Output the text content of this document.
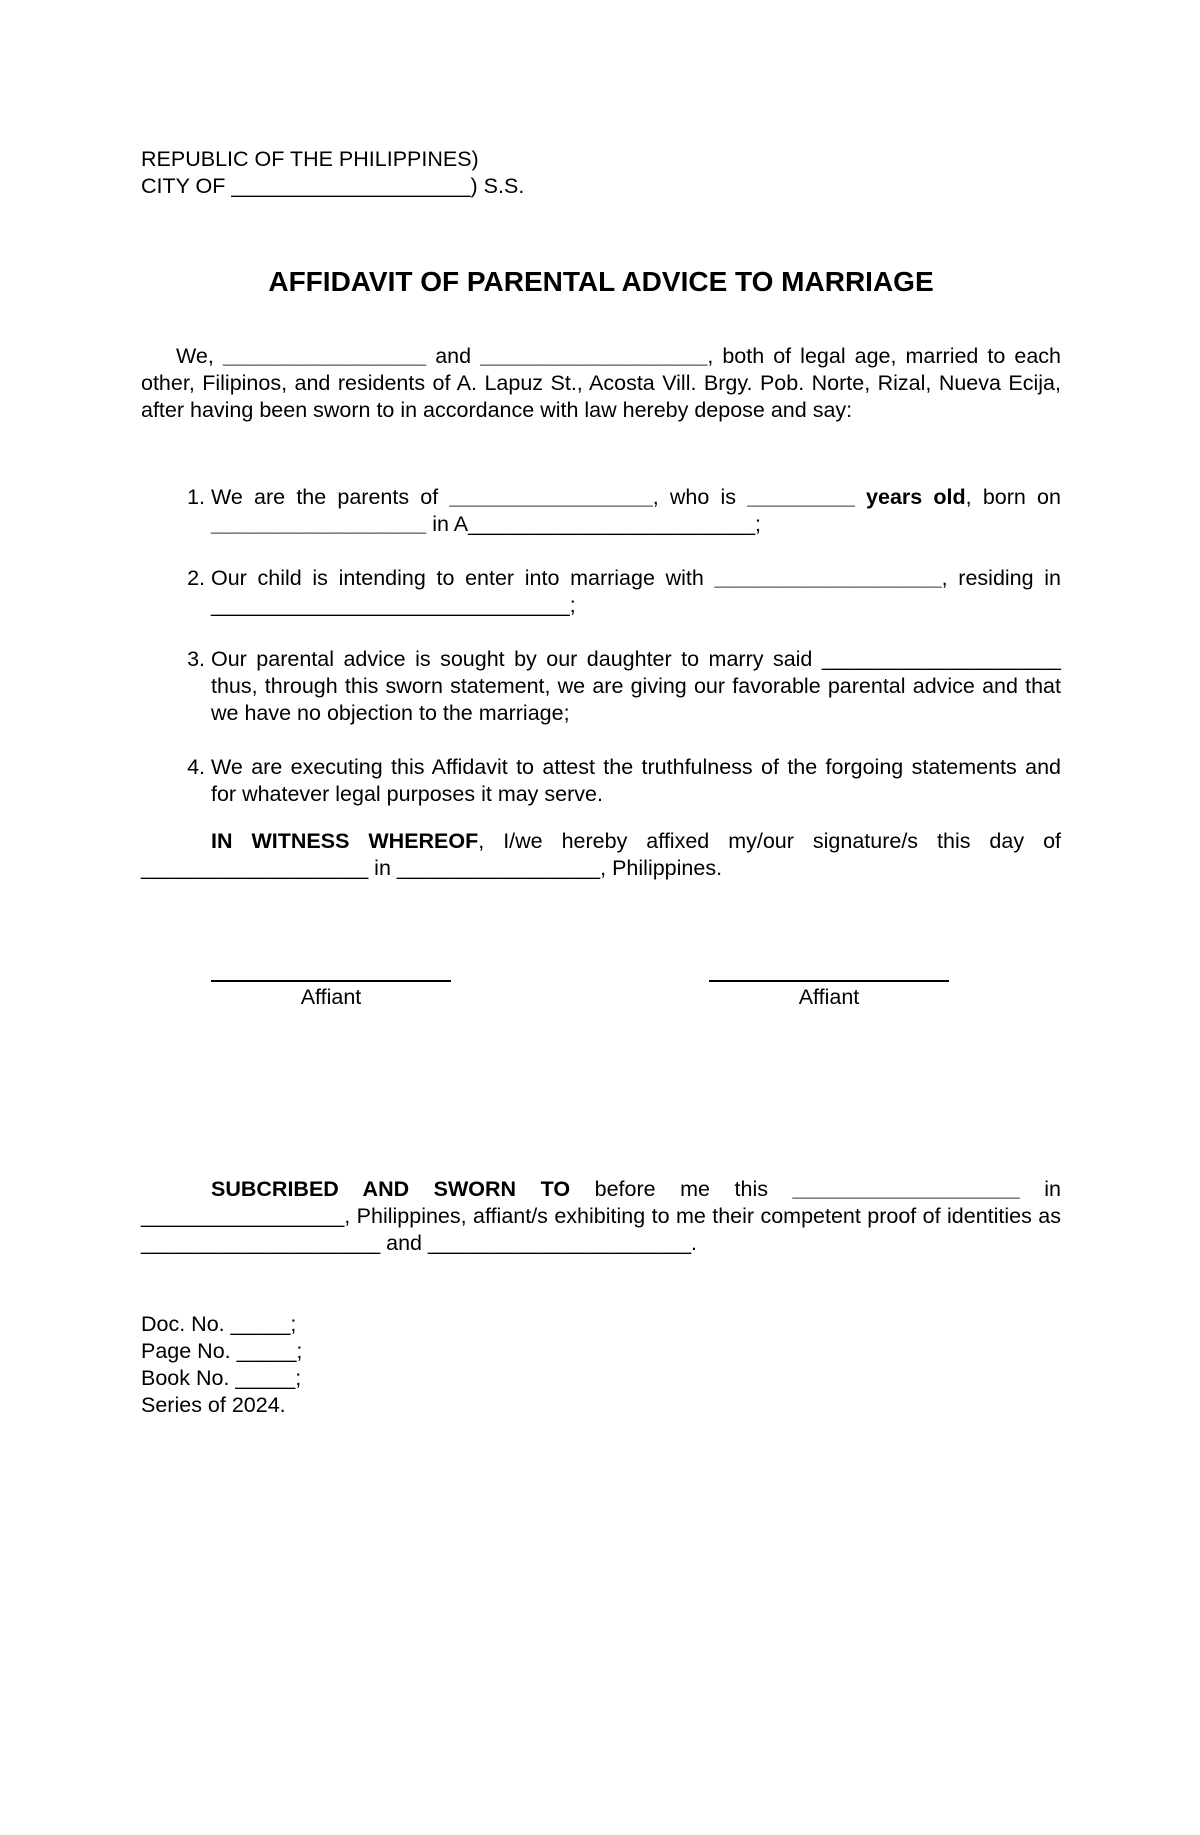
REPUBLIC OF THE PHILIPPINES)
CITY OF ____________________) S.S.
AFFIDAVIT OF PARENTAL ADVICE TO MARRIAGE
We, _________________ and ___________________, both of legal age, married to each other, Filipinos, and residents of A. Lapuz St., Acosta Vill. Brgy. Pob. Norte, Rizal, Nueva Ecija, after having been sworn to in accordance with law hereby depose and say:
1. We are the parents of _________________, who is _________ years old, born on __________________ in A________________________;
2. Our child is intending to enter into marriage with ___________________, residing in ______________________________;
3. Our parental advice is sought by our daughter to marry said ____________________ thus, through this sworn statement, we are giving our favorable parental advice and that we have no objection to the marriage;
4. We are executing this Affidavit to attest the truthfulness of the forgoing statements and for whatever legal purposes it may serve.
IN WITNESS WHEREOF, I/we hereby affixed my/our signature/s this day of ___________________ in _________________, Philippines.
Affiant	Affiant
SUBCRIBED AND SWORN TO before me this ___________________ in _________________, Philippines, affiant/s exhibiting to me their competent proof of identities as ____________________ and ______________________.
Doc. No. _____;
Page No. _____;
Book No. _____;
Series of 2024.
